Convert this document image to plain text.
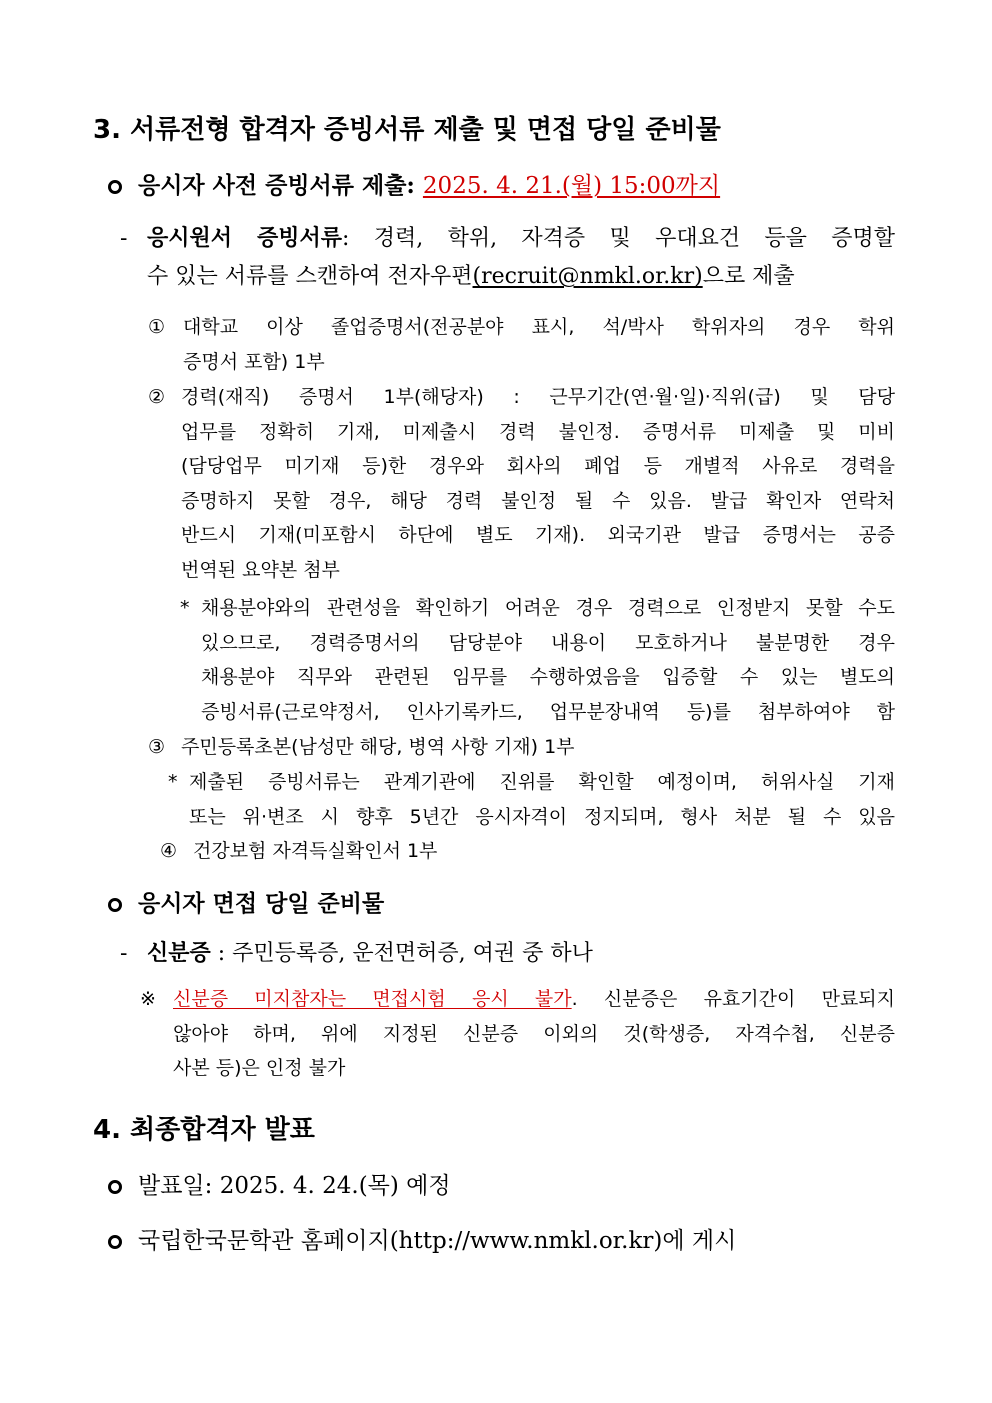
3. 서류전형 합격자 증빙서류 제출 및 면접 당일 준비물
응시자 사전 증빙서류 제출: 2025. 4. 21.(월) 15:00까지
- 응시원서 증빙서류: 경력, 학위, 자격증 및 우대요건 등을 증명할
수 있는 서류를 스캔하여 전자우편(recruit@nmkl.or.kr)으로 제출
① 대학교 이상 졸업증명서(전공분야 표시, 석/박사 학위자의 경우 학위
증명서 포함) 1부
② 경력(재직) 증명서 1부(해당자) : 근무기간(연·월·일)·직위(급) 및 담당
업무를 정확히 기재, 미제출시 경력 불인정. 증명서류 미제출 및 미비
(담당업무 미기재 등)한 경우와 회사의 폐업 등 개별적 사유로 경력을
증명하지 못할 경우, 해당 경력 불인정 될 수 있음. 발급 확인자 연락처
반드시 기재(미포함시 하단에 별도 기재). 외국기관 발급 증명서는 공증
번역된 요약본 첨부
* 채용분야와의 관련성을 확인하기 어려운 경우 경력으로 인정받지 못할 수도
있으므로, 경력증명서의 담당분야 내용이 모호하거나 불분명한 경우
채용분야 직무와 관련된 임무를 수행하였음을 입증할 수 있는 별도의
증빙서류(근로약정서, 인사기록카드, 업무분장내역 등)를 첨부하여야 함
③ 주민등록초본(남성만 해당, 병역 사항 기재) 1부
* 제출된 증빙서류는 관계기관에 진위를 확인할 예정이며, 허위사실 기재
또는 위·변조 시 향후 5년간 응시자격이 정지되며, 형사 처분 될 수 있음
④ 건강보험 자격득실확인서 1부
응시자 면접 당일 준비물
- 신분증 : 주민등록증, 운전면허증, 여권 중 하나
※ 신분증 미지참자는 면접시험 응시 불가. 신분증은 유효기간이 만료되지
않아야 하며, 위에 지정된 신분증 이외의 것(학생증, 자격수첩, 신분증
사본 등)은 인정 불가
4. 최종합격자 발표
발표일: 2025. 4. 24.(목) 예정
국립한국문학관 홈페이지(http://www.nmkl.or.kr)에 게시
